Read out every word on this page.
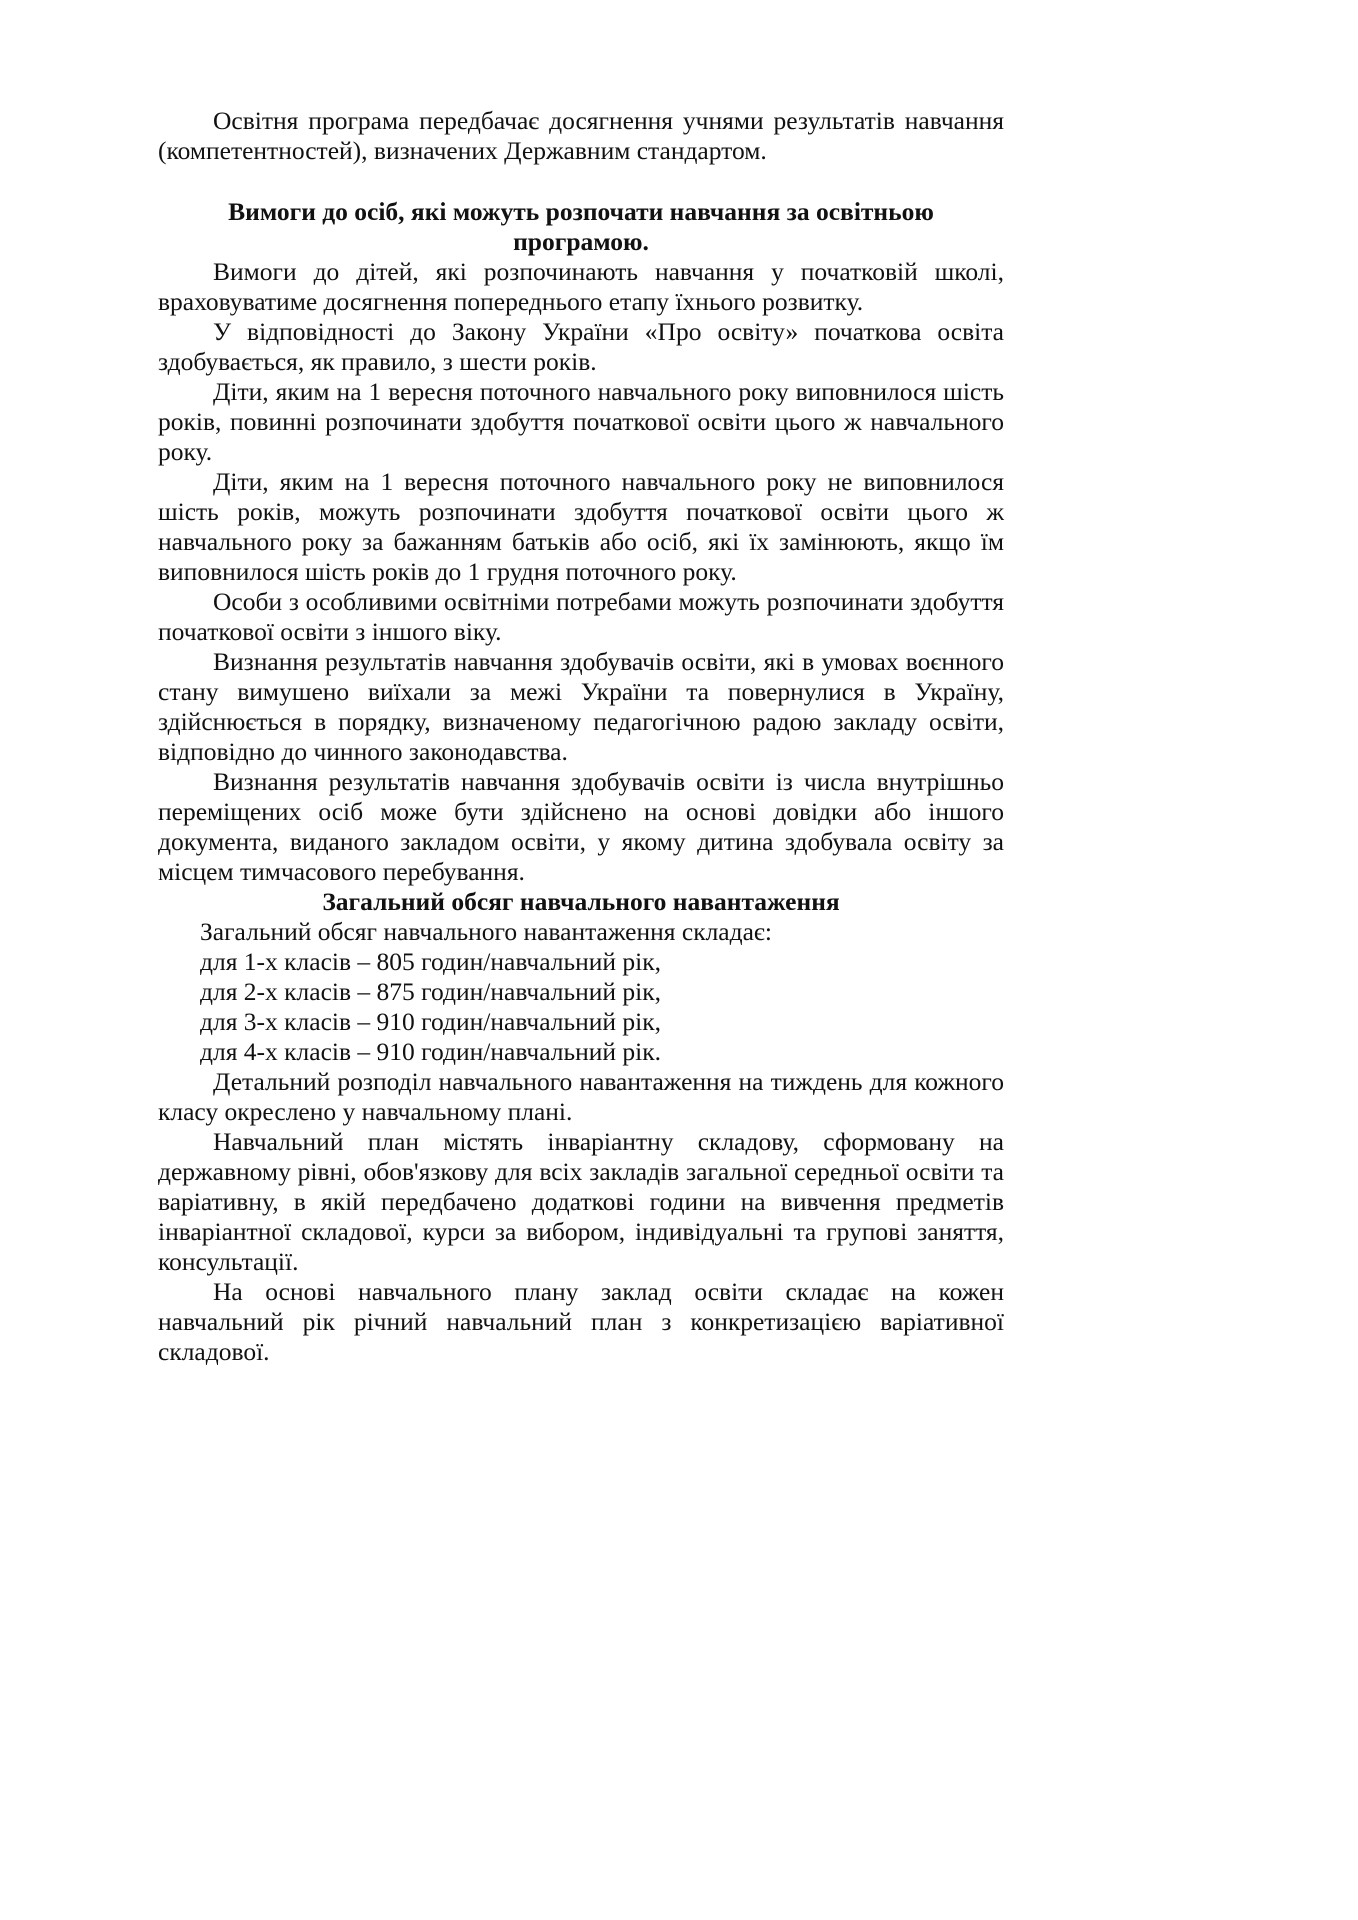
Освітня програма передбачає досягнення учнями результатів навчання (компетентностей), визначених Державним стандартом.

Вимоги до осіб, які можуть розпочати навчання за освітньою програмою.

Вимоги до дітей, які розпочинають навчання у початковій школі, враховуватиме досягнення попереднього етапу їхнього розвитку.

У відповідності до Закону України «Про освіту» початкова освіта здобувається, як правило, з шести років.

Діти, яким на 1 вересня поточного навчального року виповнилося шість років, повинні розпочинати здобуття початкової освіти цього ж навчального року.

Діти, яким на 1 вересня поточного навчального року не виповнилося шість років, можуть розпочинати здобуття початкової освіти цього ж навчального року за бажанням батьків або осіб, які їх замінюють, якщо їм виповнилося шість років до 1 грудня поточного року.

Особи з особливими освітніми потребами можуть розпочинати здобуття початкової освіти з іншого віку.

Визнання результатів навчання здобувачів освіти, які в умовах воєнного стану вимушено виїхали за межі України та повернулися в Україну, здійснюється в порядку, визначеному педагогічною радою закладу освіти, відповідно до чинного законодавства.

Визнання результатів навчання здобувачів освіти із числа внутрішньо переміщених осіб може бути здійснено на основі довідки або іншого документа, виданого закладом освіти, у якому дитина здобувала освіту за місцем тимчасового перебування.

Загальний обсяг навчального навантаження
Загальний обсяг навчального навантаження складає:
для 1-х класів – 805 годин/навчальний рік,
для 2-х класів – 875 годин/навчальний рік,
для 3-х класів – 910 годин/навчальний рік,
для 4-х класів – 910 годин/навчальний рік.

Детальний розподіл навчального навантаження на тиждень для кожного класу окреслено у навчальному плані.

Навчальний план містять інваріантну складову, сформовану на державному рівні, обов'язкову для всіх закладів загальної середньої освіти та варіативну, в якій передбачено додаткові години на вивчення предметів інваріантної складової, курси за вибором, індивідуальні та групові заняття, консультації.

На основі навчального плану заклад освіти складає на кожен навчальний рік річний навчальний план з конкретизацією варіативної складової.
